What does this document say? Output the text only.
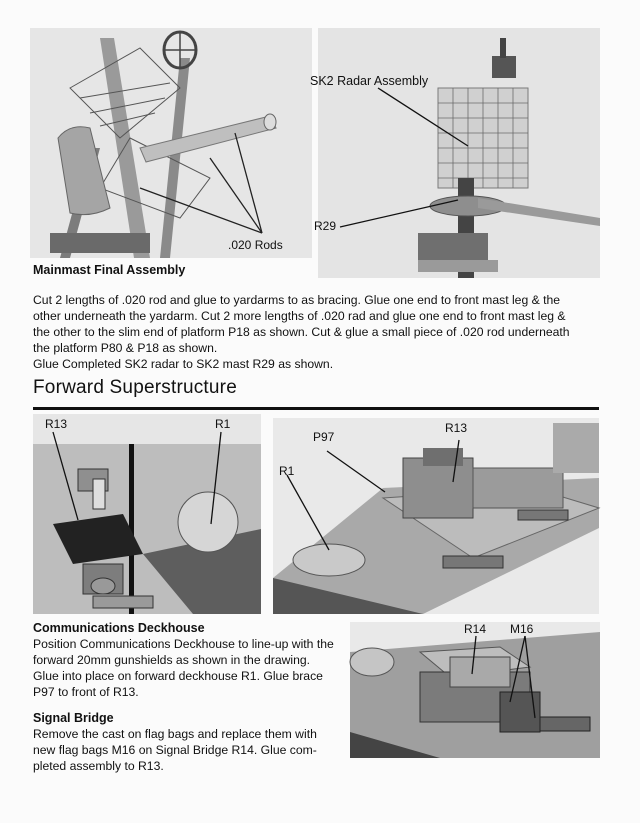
.020 Rods
Mainmast Final Assembly
SK2 Radar Assembly
R29

Cut 2 lengths of .020 rod and glue to yardarms to as bracing. Glue one end to front mast leg & the

other underneath the yardarm. Cut 2 more lengths of .020 rad and glue one end to front mast leg &

the other to the slim end of platform P18 as shown. Cut & glue a small piece of .020 rod underneath

the platform P80 & P18 as shown.

Glue Completed SK2 radar to SK2 mast R29 as shown.

Forward Superstructure
R13	R1
P97
R13
R1

Communications Deckhouse

Position Communications Deckhouse to line-up with the

forward 20mm gunshields as shown in the drawing.

Glue into place on forward deckhouse R1. Glue brace

P97 to front of R13.

Signal Bridge

Remove the cast on flag bags and replace them with

new flag bags M16 on Signal Bridge R14. Glue com-

pleted assembly to R13.

R14 M16
